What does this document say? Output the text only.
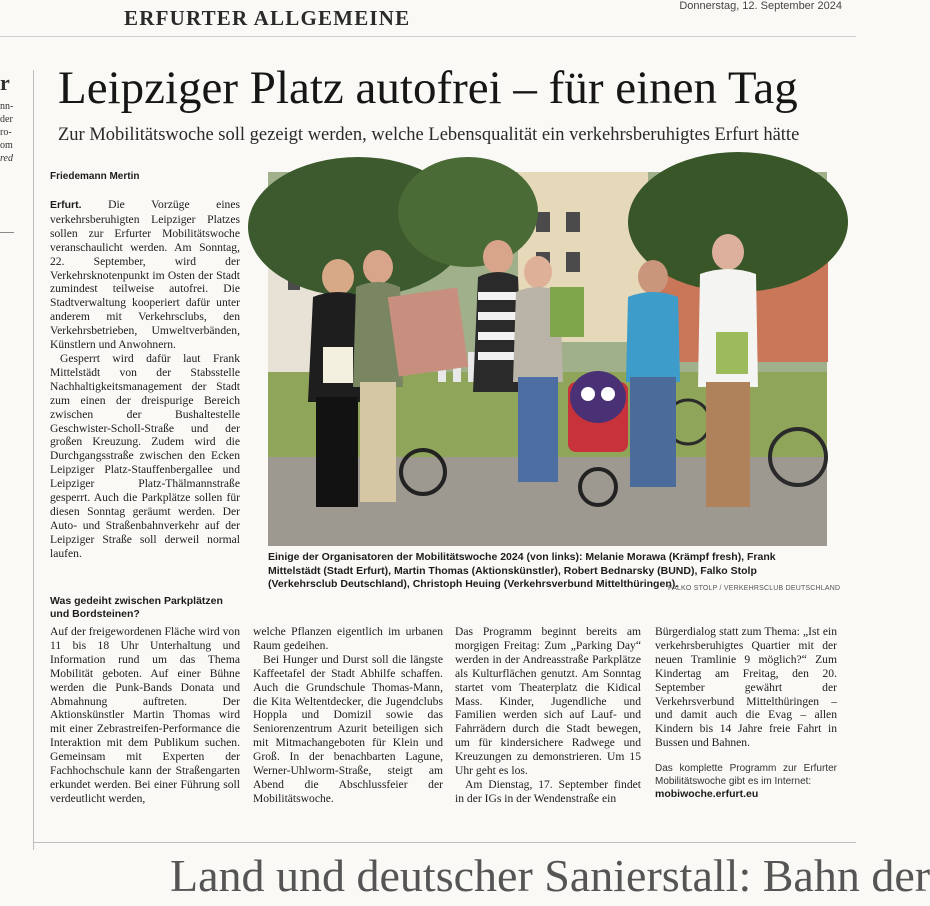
ERFURTER ALLGEMEINE	Donnerstag, 12. September 2024
r
nn-
der
ro-
om
red
Leipziger Platz autofrei – für einen Tag
Zur Mobilitätswoche soll gezeigt werden, welche Lebensqualität ein verkehrsberuhigtes Erfurt hätte
Friedemann Mertin

Erfurt. Die Vorzüge eines verkehrsberuhigten Leipziger Platzes sollen zur Erfurter Mobilitätswoche veranschaulicht werden. Am Sonntag, 22. September, wird der Verkehrsknotenpunkt im Osten der Stadt zumindest teilweise autofrei. Die Stadtverwaltung kooperiert dafür unter anderem mit Verkehrsclubs, den Verkehrsbetrieben, Umweltverbänden, Künstlern und Anwohnern.

Gesperrt wird dafür laut Frank Mittelstädt von der Stabsstelle Nachhaltigkeitsmanagement der Stadt zum einen der dreispurige Bereich zwischen der Bushaltestelle Geschwister-Scholl-Straße und der großen Kreuzung. Zudem wird die Durchgangsstraße zwischen den Ecken Leipziger Platz-Stauffenbergallee und Leipziger Platz-Thälmannstraße gesperrt. Auch die Parkplätze sollen für diesen Sonntag geräumt werden. Der Auto- und Straßenbahnverkehr auf der Leipziger Straße soll derweil normal laufen.

Was gedeiht zwischen Parkplätzen und Bordsteinen?
Einige der Organisatoren der Mobilitätswoche 2024 (von links): Melanie Morawa (Krämpf fresh), Frank Mittelstädt (Stadt Erfurt), Martin Thomas (Aktionskünstler), Robert Bednarsky (BUND), Falko Stolp (Verkehrsclub Deutschland), Christoph Heuing (Verkehrsverbund Mittelthüringen).
FALKO STOLP / VERKEHRSCLUB DEUTSCHLAND

Auf der freigewordenen Fläche wird von 11 bis 18 Uhr Unterhaltung und Information rund um das Thema Mobilität geboten. Auf einer Bühne werden die Punk-Bands Donata und Abmahnung auftreten. Der Aktionskünstler Martin Thomas wird mit einer Zebrastreifen-Performance die Interaktion mit dem Publikum suchen. Gemeinsam mit Experten der Fachhochschule kann der Straßengarten erkundet werden. Bei einer Führung soll verdeutlicht werden,

welche Pflanzen eigentlich im urbanen Raum gedeihen.

Bei Hunger und Durst soll die längste Kaffeetafel der Stadt Abhilfe schaffen. Auch die Grundschule Thomas-Mann, die Kita Weltentdecker, die Jugendclubs Hoppla und Domizil sowie das Seniorenzentrum Azurit beteiligen sich mit Mitmachangeboten für Klein und Groß. In der benachbarten Lagune, Werner-Uhlworm-Straße, steigt am Abend die Abschlussfeier der Mobilitätswoche.

Das Programm beginnt bereits am morgigen Freitag: Zum „Parking Day“ werden in der Andreasstraße Parkplätze als Kulturflächen genutzt. Am Sonntag startet vom Theaterplatz die Kidical Mass. Kinder, Jugendliche und Familien werden sich auf Lauf- und Fahrrädern durch die Stadt bewegen, um für kindersichere Radwege und Kreuzungen zu demonstrieren. Um 15 Uhr geht es los.

Am Dienstag, 17. September findet in der IGs in der Wendenstraße ein

Bürgerdialog statt zum Thema: „Ist ein verkehrsberuhigtes Quartier mit der neuen Tramlinie 9 möglich?“ Zum Kindertag am Freitag, den 20. September gewährt der Verkehrsverbund Mittelthüringen – und damit auch die Evag – allen Kindern bis 14 Jahre freie Fahrt in Bussen und Bahnen.

Das komplette Programm zur Erfurter Mobilitätswoche gibt es im Internet:
mobiwoche.erfurt.eu
Land und deutscher Sanierstall: Bahn der
